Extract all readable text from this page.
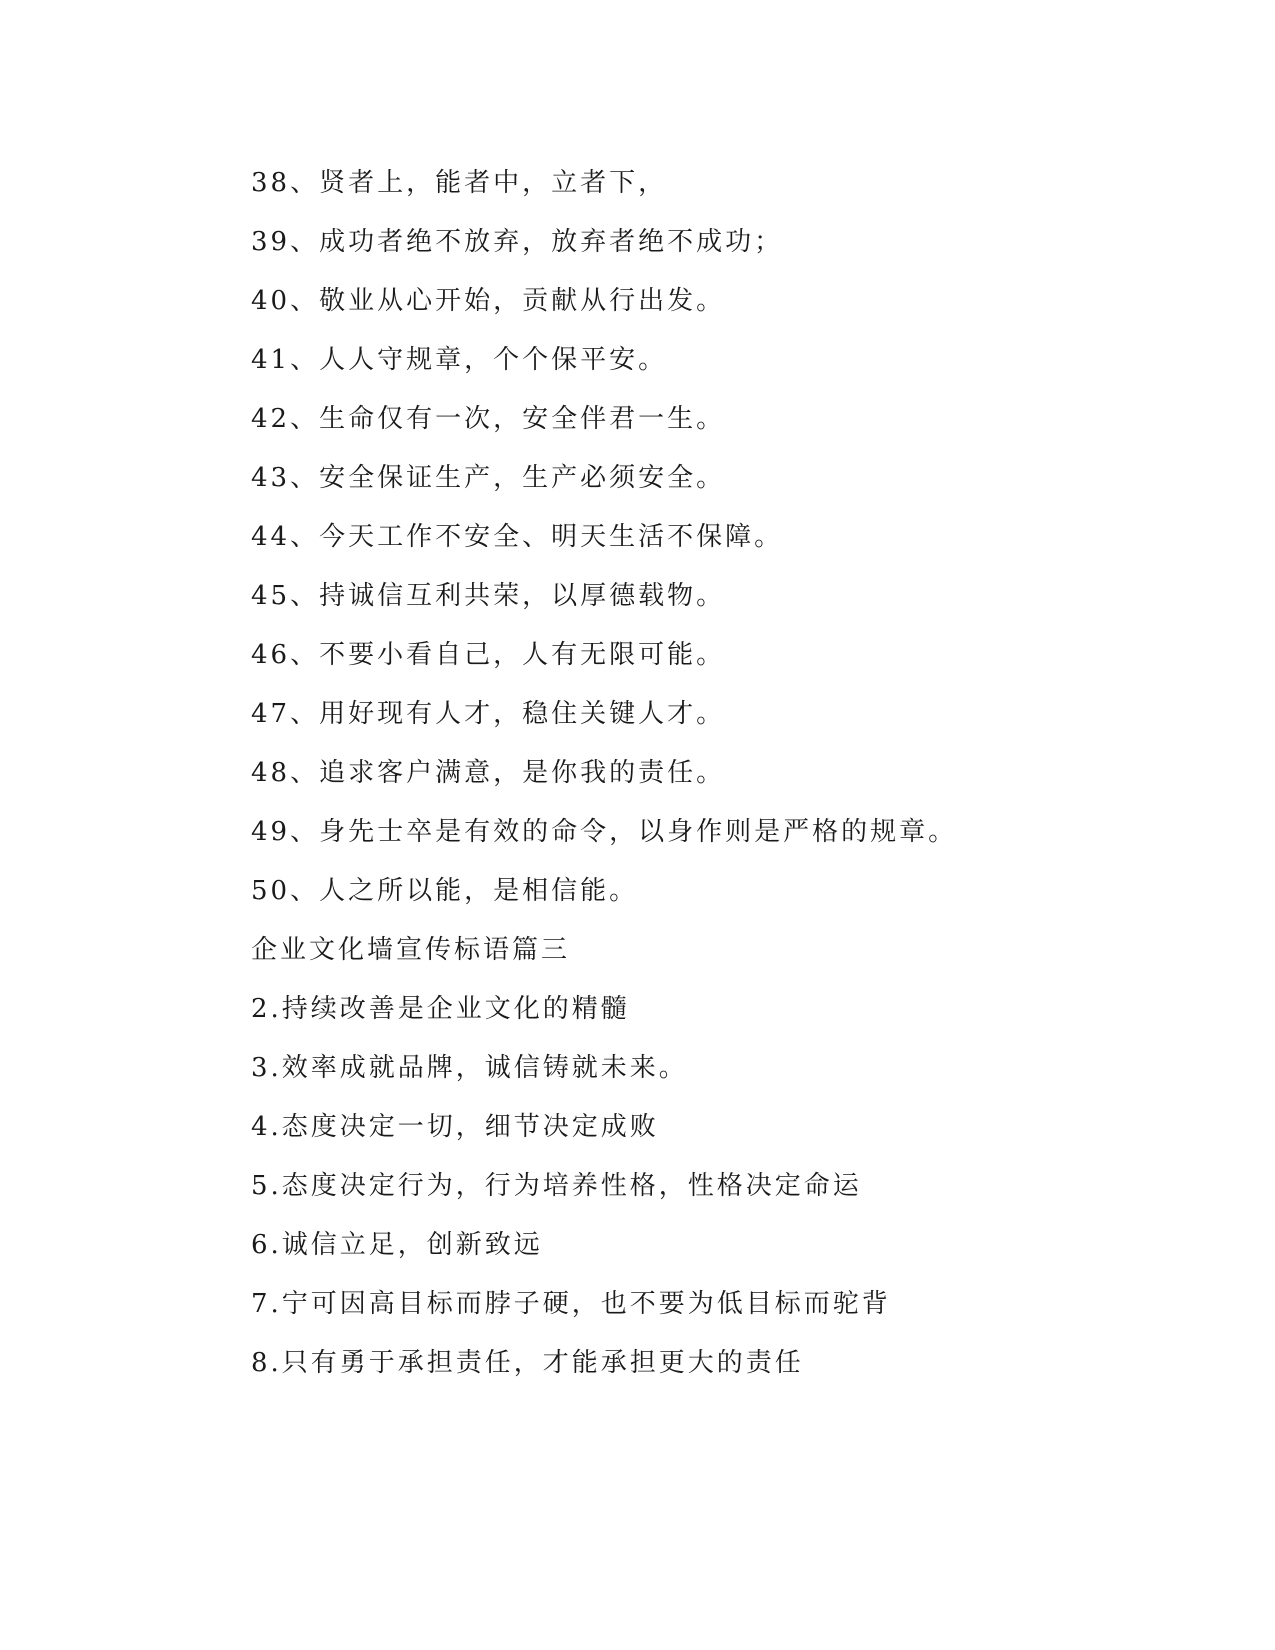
38、贤者上，能者中，立者下，
39、成功者绝不放弃，放弃者绝不成功；
40、敬业从心开始，贡献从行出发。
41、人人守规章，个个保平安。
42、生命仅有一次，安全伴君一生。
43、安全保证生产，生产必须安全。
44、今天工作不安全、明天生活不保障。
45、持诚信互利共荣，以厚德载物。
46、不要小看自己，人有无限可能。
47、用好现有人才，稳住关键人才。
48、追求客户满意，是你我的责任。
49、身先士卒是有效的命令，以身作则是严格的规章。
50、人之所以能，是相信能。
企业文化墙宣传标语篇三
2.持续改善是企业文化的精髓
3.效率成就品牌，诚信铸就未来。
4.态度决定一切，细节决定成败
5.态度决定行为，行为培养性格，性格决定命运
6.诚信立足，创新致远
7.宁可因高目标而脖子硬，也不要为低目标而驼背
8.只有勇于承担责任，才能承担更大的责任
